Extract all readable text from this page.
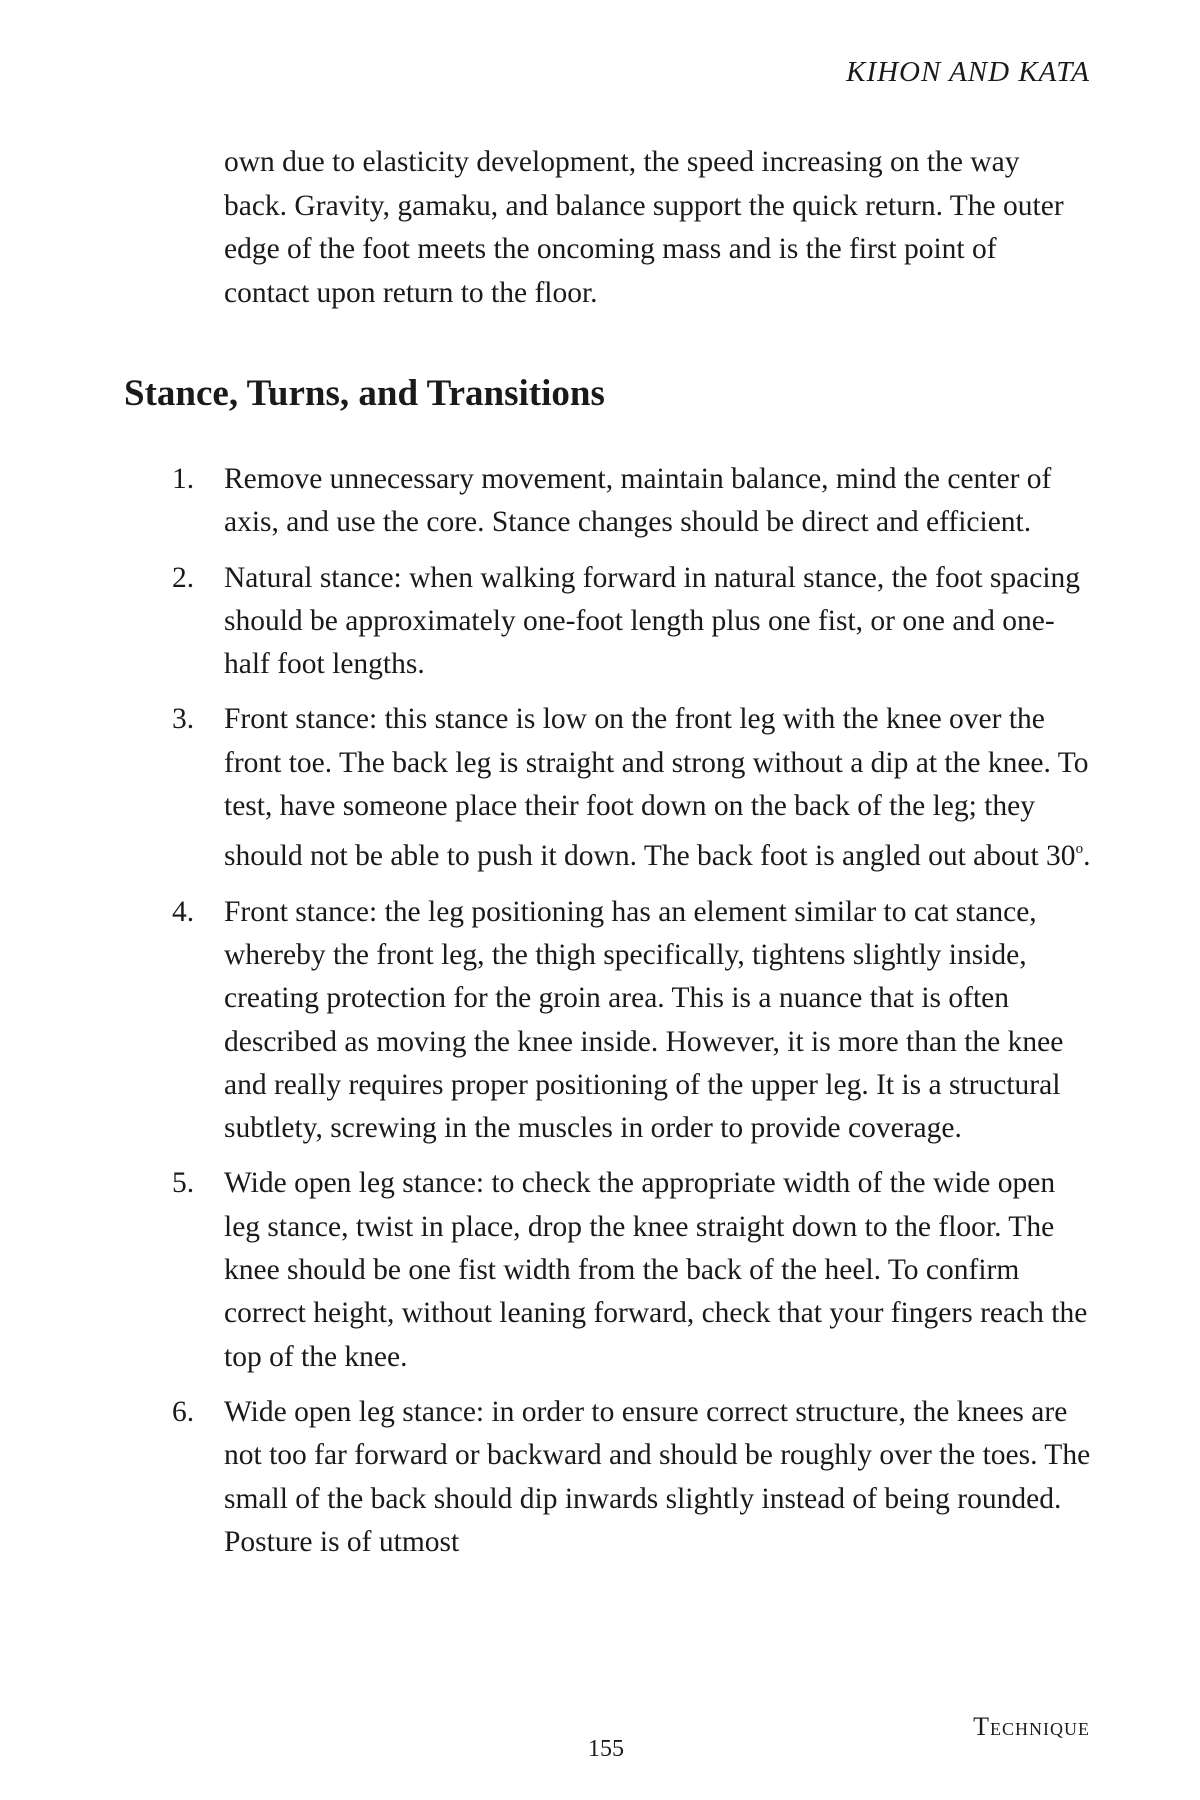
KIHON AND KATA

own due to elasticity development, the speed increasing on the way back. Gravity, gamaku, and balance support the quick return. The outer edge of the foot meets the oncoming mass and is the first point of contact upon return to the floor.

Stance, Turns, and Transitions
1.	Remove unnecessary movement, maintain balance, mind the center of axis, and use the core. Stance changes should be direct and efficient.
2.	Natural stance: when walking forward in natural stance, the foot spacing should be approximately one-foot length plus one fist, or one and one-half foot lengths.
3.	Front stance: this stance is low on the front leg with the knee over the front toe. The back leg is straight and strong without a dip at the knee. To test, have someone place their foot down on the back of the leg; they should not be able to push it down. The back foot is angled out about 30$^o$.
4.	Front stance: the leg positioning has an element similar to cat stance, whereby the front leg, the thigh specifically, tightens slightly inside, creating protection for the groin area. This is a nuance that is often described as moving the knee inside. However, it is more than the knee and really requires proper positioning of the upper leg. It is a structural subtlety, screwing in the muscles in order to provide coverage.
5.	Wide open leg stance: to check the appropriate width of the wide open leg stance, twist in place, drop the knee straight down to the floor. The knee should be one fist width from the back of the heel. To confirm correct height, without leaning forward, check that your fingers reach the top of the knee.
6.	Wide open leg stance: in order to ensure correct structure, the knees are not too far forward or backward and should be roughly over the toes. The small of the back should dip inwards slightly instead of being rounded. Posture is of utmost
155
Technique
